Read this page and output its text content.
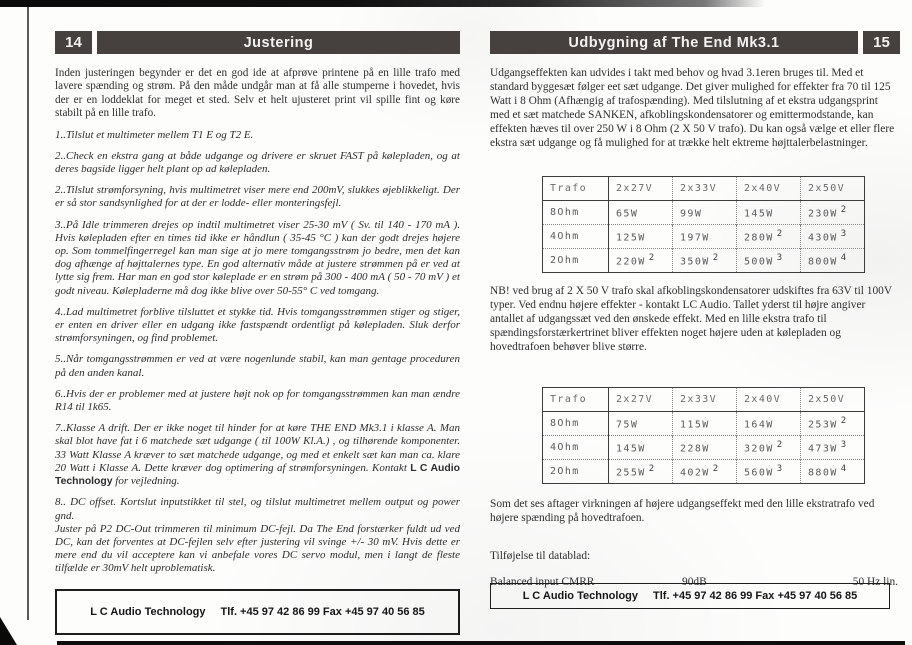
14	Justering
Inden justeringen begynder er det en god ide at afprøve printene på en lille trafo med lavere spænding og strøm. På den måde undgår man at få alle stumperne i hovedet, hvis der er en loddeklat for meget et sted. Selv et helt ujusteret print vil spille fint og køre stabilt på en lille trafo.
1..Tilslut et multimeter mellem T1 E og T2 E.
2..Check en ekstra gang at både udgange og drivere er skruet FAST på kølepladen, og at deres bagside ligger helt plant op ad kølepladen.
2..Tilslut strømforsyning, hvis multimetret viser mere end 200mV, slukkes øjeblikkeligt. Der er så stor sandsynlighed for at der er lodde- eller monteringsfejl.
3..På Idle trimmeren drejes op indtil multimetret viser 25-30 mV ( Sv. til 140 - 170 mA ). Hvis kølepladen efter en times tid ikke er håndlun ( 35-45 °C ) kan der godt drejes højere op. Som tommelfingerregel kan man sige at jo mere tomgangsstrøm jo bedre, men det kan dog afhænge af højttalernes type. En god alternativ måde at justere strømmen på er ved at lytte sig frem. Har man en god stor køleplade er en strøm på 300 - 400 mA ( 50 - 70 mV ) et godt niveau. Kølepladerne må dog ikke blive over 50-55° C ved tomgang.
4..Lad multimetret forblive tilsluttet et stykke tid. Hvis tomgangsstrømmen stiger og stiger, er enten en driver eller en udgang ikke fastspændt ordentligt på kølepladen. Sluk derfor strømforsyningen, og find problemet.
5..Når tomgangsstrømmen er ved at være nogenlunde stabil, kan man gentage proceduren på den anden kanal.
6..Hvis der er problemer med at justere højt nok op for tomgangsstrømmen kan man ændre R14 til 1k65.
7..Klasse A drift. Der er ikke noget til hinder for at køre THE END Mk3.1 i klasse A. Man skal blot have fat i 6 matchede sæt udgange ( til 100W Kl.A.) , og tilhørende komponenter. 33 Watt Klasse A kræver to sæt matchede udgange, og med et enkelt sæt kan man ca. klare 20 Watt i Klasse A. Dette kræver dog optimering af strømforsyningen. Kontakt L C Audio Technology for vejledning.
8.. DC offset. Kortslut inputstikket til stel, og tilslut multimetret mellem output og power gnd.
Juster på P2 DC-Out trimmeren til minimum DC-fejl. Da The End forstærker fuldt ud ved DC, kan det forventes at DC-fejlen selv efter justering vil svinge +/- 30 mV. Hvis dette er mere end du vil acceptere kan vi anbefale vores DC servo modul, men i langt de fleste tilfælde er 30mV helt uproblematisk.
L C Audio Technology Tlf. +45 97 42 86 99 Fax +45 97 40 56 85
Udbygning af The End Mk3.1	15
Udgangseffekten kan udvides i takt med behov og hvad 3.1eren bruges til. Med et standard byggesæt følger eet sæt udgange. Det giver mulighed for effekter fra 70 til 125 Watt i 8 Ohm (Afhængig af trafospænding). Med tilslutning af et ekstra udgangsprint med et sæt matchede SANKEN, afkoblingskondensatorer og emittermodstande, kan effekten hæves til over 250 W i 8 Ohm (2 X 50 V trafo). Du kan også vælge et eller flere ekstra sæt udgange og få mulighed for at trække helt ektreme højttalerbelastninger.
Trafo	2x27V	2x33V	2x40V	2x50V
8Ohm	65W	99W	145W	230W $^2$
4Ohm	125W	197W	280W $^2$	430W $^3$
2Ohm	220W $^2$	350W $^2$	500W $^3$	800W $^4$
NB! ved brug af 2 X 50 V trafo skal afkoblingskondensatorer udskiftes fra 63V til 100V typer. Ved endnu højere effekter - kontakt LC Audio. Tallet yderst til højre angiver antallet af udgangssæt ved den ønskede effekt. Med en lille ekstra trafo til spændingsforstærkertrinet bliver effekten noget højere uden at kølepladen og hovedtrafoen behøver blive større.
Trafo	2x27V	2x33V	2x40V	2x50V
8Ohm	75W	115W	164W	253W $^2$
4Ohm	145W	228W	320W $^2$	473W $^3$
2Ohm	255W $^2$	402W $^2$	560W $^3$	880W $^4$
Som det ses aftager virkningen af højere udgangseffekt med den lille ekstratrafo ved højere spænding på hovedtrafoen.
Tilføjelse til datablad:
Balanced input CMRR	90dB	50 Hz lin.
L C Audio Technology Tlf. +45 97 42 86 99 Fax +45 97 40 56 85
